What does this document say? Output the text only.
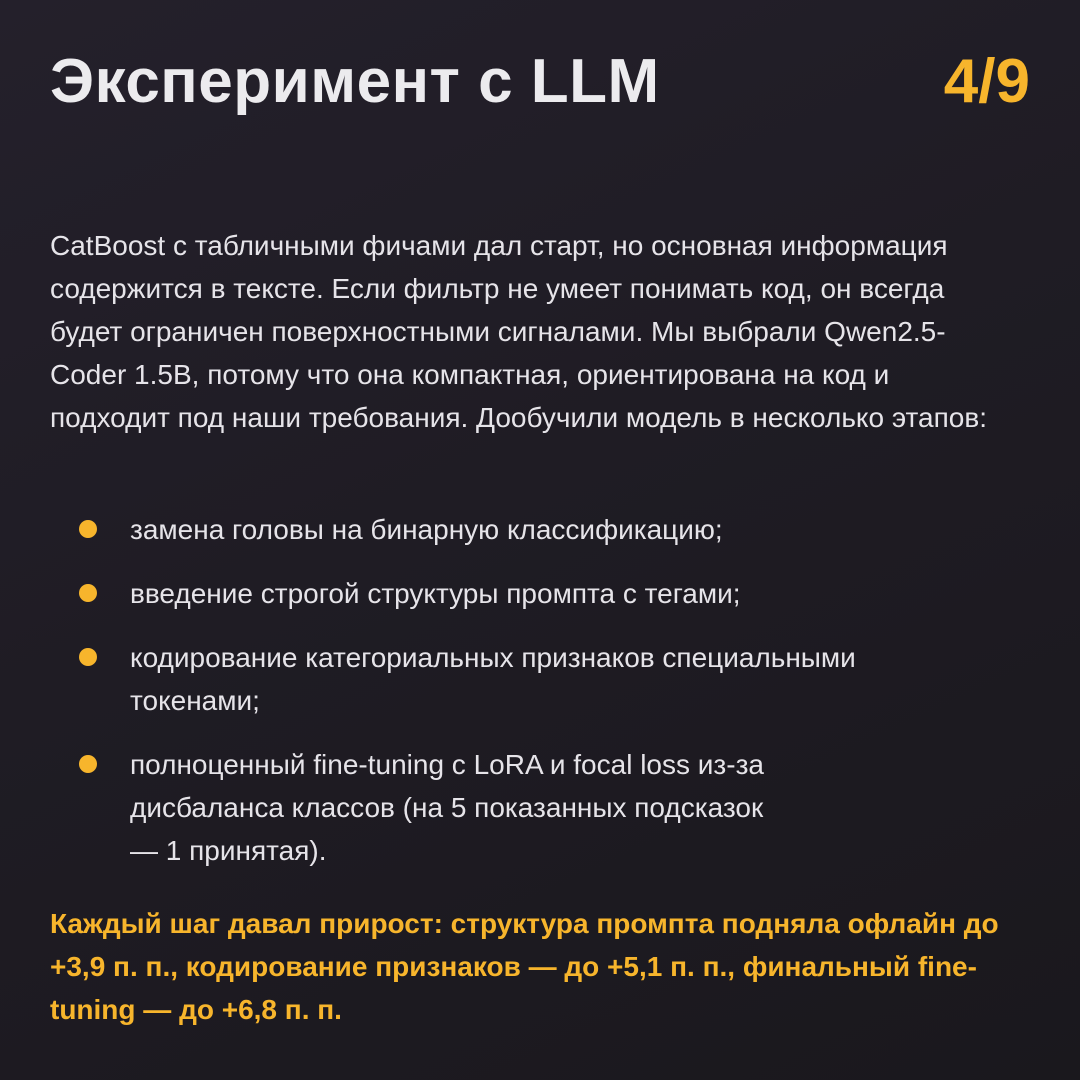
Эксперимент с LLM	4/9

CatBoost с табличными фичами дал старт, но основная информация содержится в тексте. Если фильтр не умеет понимать код, он всегда будет ограничен поверхностными сигналами. Мы выбрали Qwen2.5-Coder 1.5B, потому что она компактная, ориентирована на код и подходит под наши требования. Дообучили модель в несколько этапов:

замена головы на бинарную классификацию;
введение строгой структуры промпта с тегами;
кодирование категориальных признаков специальными токенами;
полноценный fine-tuning с LoRA и focal loss из-за дисбаланса классов (на 5 показанных подсказок — 1 принятая).

Каждый шаг давал прирост: структура промпта подняла офлайн до +3,9 п. п., кодирование признаков — до +5,1 п. п., финальный fine-tuning — до +6,8 п. п.
